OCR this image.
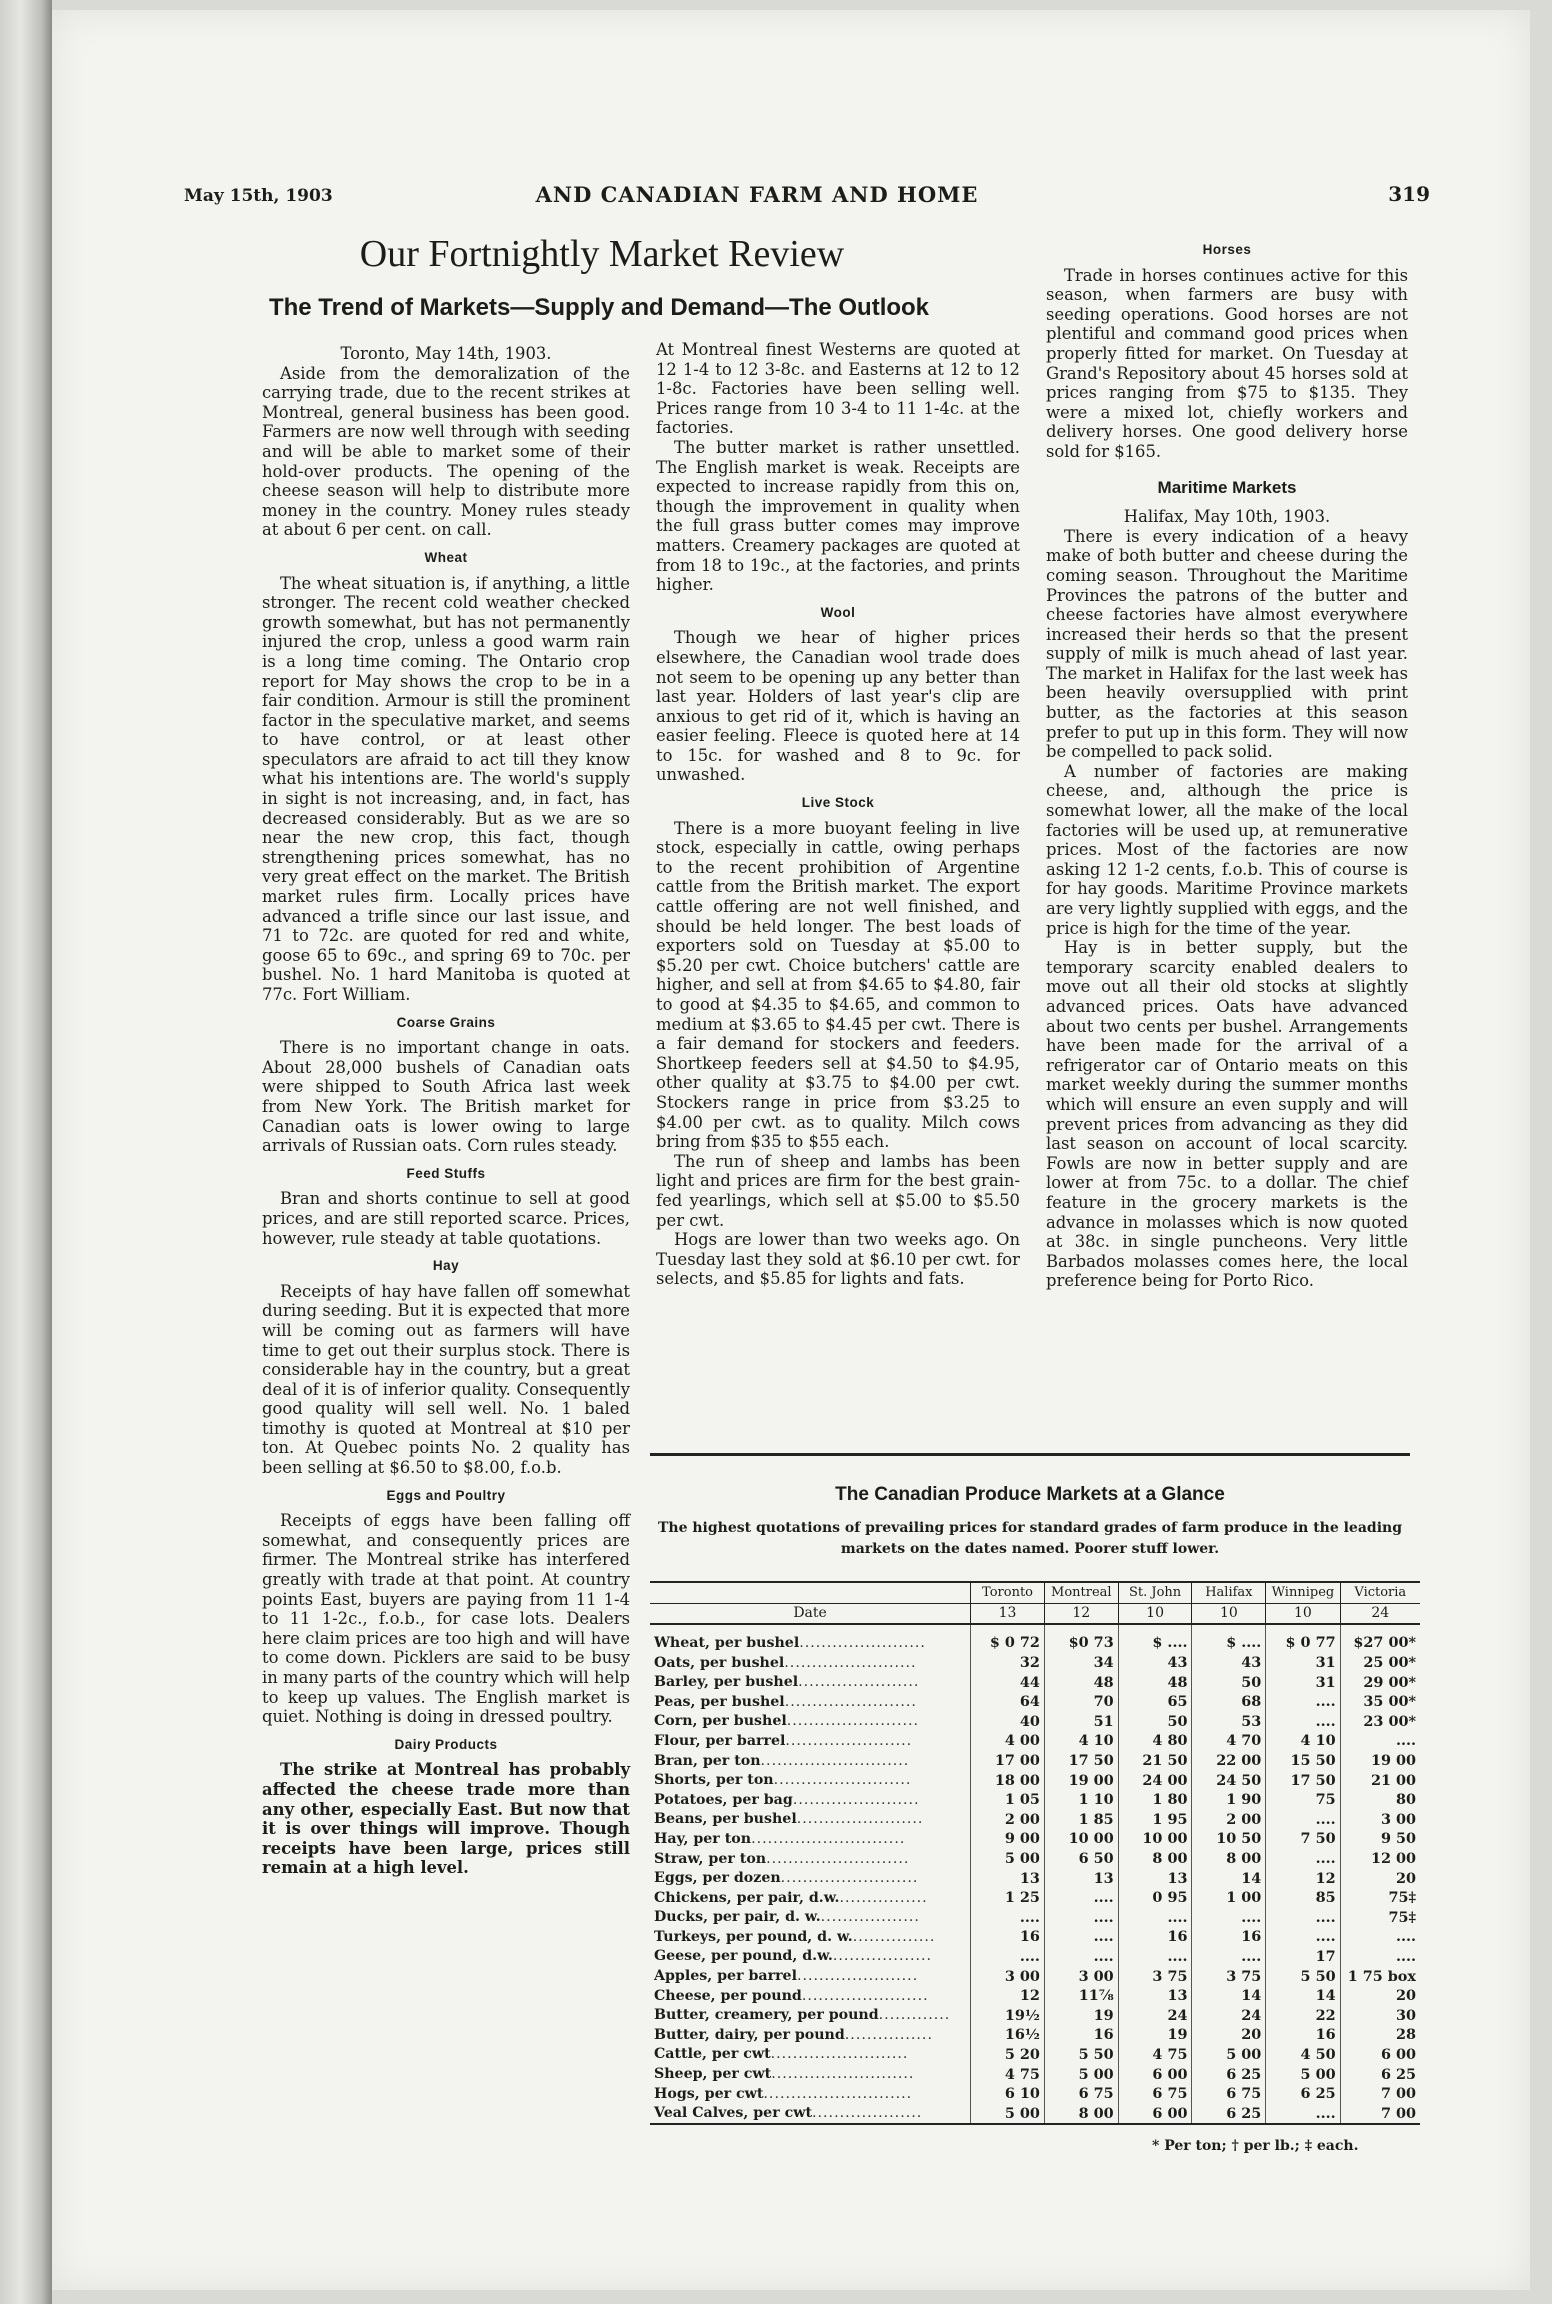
May 15th, 1903	AND CANADIAN FARM AND HOME	319
Our Fortnightly Market Review
The Trend of Markets—Supply and Demand—The Outlook

Toronto, May 14th, 1903.

Aside from the demoralization of the carrying trade, due to the recent strikes at Montreal, general business has been good. Farmers are now well through with seeding and will be able to market some of their hold-over products. The opening of the cheese season will help to distribute more money in the country. Money rules steady at about 6 per cent. on call.

Wheat

The wheat situation is, if anything, a little stronger. The recent cold weather checked growth somewhat, but has not permanently injured the crop, unless a good warm rain is a long time coming. The Ontario crop report for May shows the crop to be in a fair condition. Armour is still the prominent factor in the speculative market, and seems to have control, or at least other speculators are afraid to act till they know what his intentions are. The world's supply in sight is not increasing, and, in fact, has decreased considerably. But as we are so near the new crop, this fact, though strengthening prices somewhat, has no very great effect on the market. The British market rules firm. Locally prices have advanced a trifle since our last issue, and 71 to 72c. are quoted for red and white, goose 65 to 69c., and spring 69 to 70c. per bushel. No. 1 hard Manitoba is quoted at 77c. Fort William.

Coarse Grains

There is no important change in oats. About 28,000 bushels of Canadian oats were shipped to South Africa last week from New York. The British market for Canadian oats is lower owing to large arrivals of Russian oats. Corn rules steady.

Feed Stuffs

Bran and shorts continue to sell at good prices, and are still reported scarce. Prices, however, rule steady at table quotations.

Hay

Receipts of hay have fallen off somewhat during seeding. But it is expected that more will be coming out as farmers will have time to get out their surplus stock. There is considerable hay in the country, but a great deal of it is of inferior quality. Consequently good quality will sell well. No. 1 baled timothy is quoted at Montreal at $10 per ton. At Quebec points No. 2 quality has been selling at $6.50 to $8.00, f.o.b.

Eggs and Poultry

Receipts of eggs have been falling off somewhat, and consequently prices are firmer. The Montreal strike has interfered greatly with trade at that point. At country points East, buyers are paying from 11 1-4 to 11 1-2c., f.o.b., for case lots. Dealers here claim prices are too high and will have to come down. Picklers are said to be busy in many parts of the country which will help to keep up values. The English market is quiet. Nothing is doing in dressed poultry.

Dairy Products

The strike at Montreal has probably affected the cheese trade more than any other, especially East. But now that it is over things will improve. Though receipts have been large, prices still remain at a high level.

At Montreal finest Westerns are quoted at 12 1-4 to 12 3-8c. and Easterns at 12 to 12 1-8c. Factories have been selling well. Prices range from 10 3-4 to 11 1-4c. at the factories.

The butter market is rather unsettled. The English market is weak. Receipts are expected to increase rapidly from this on, though the improvement in quality when the full grass butter comes may improve matters. Creamery packages are quoted at from 18 to 19c., at the factories, and prints higher.

Wool

Though we hear of higher prices elsewhere, the Canadian wool trade does not seem to be opening up any better than last year. Holders of last year's clip are anxious to get rid of it, which is having an easier feeling. Fleece is quoted here at 14 to 15c. for washed and 8 to 9c. for unwashed.

Live Stock

There is a more buoyant feeling in live stock, especially in cattle, owing perhaps to the recent prohibition of Argentine cattle from the British market. The export cattle offering are not well finished, and should be held longer. The best loads of exporters sold on Tuesday at $5.00 to $5.20 per cwt. Choice butchers' cattle are higher, and sell at from $4.65 to $4.80, fair to good at $4.35 to $4.65, and common to medium at $3.65 to $4.45 per cwt. There is a fair demand for stockers and feeders. Shortkeep feeders sell at $4.50 to $4.95, other quality at $3.75 to $4.00 per cwt. Stockers range in price from $3.25 to $4.00 per cwt. as to quality. Milch cows bring from $35 to $55 each.

The run of sheep and lambs has been light and prices are firm for the best grain-fed yearlings, which sell at $5.00 to $5.50 per cwt.

Hogs are lower than two weeks ago. On Tuesday last they sold at $6.10 per cwt. for selects, and $5.85 for lights and fats.

Horses

Trade in horses continues active for this season, when farmers are busy with seeding operations. Good horses are not plentiful and command good prices when properly fitted for market. On Tuesday at Grand's Repository about 45 horses sold at prices ranging from $75 to $135. They were a mixed lot, chiefly workers and delivery horses. One good delivery horse sold for $165.

Maritime Markets

Halifax, May 10th, 1903.

There is every indication of a heavy make of both butter and cheese during the coming season. Throughout the Maritime Provinces the patrons of the butter and cheese factories have almost everywhere increased their herds so that the present supply of milk is much ahead of last year. The market in Halifax for the last week has been heavily oversupplied with print butter, as the factories at this season prefer to put up in this form. They will now be compelled to pack solid.

A number of factories are making cheese, and, although the price is somewhat lower, all the make of the local factories will be used up, at remunerative prices. Most of the factories are now asking 12 1-2 cents, f.o.b. This of course is for hay goods. Maritime Province markets are very lightly supplied with eggs, and the price is high for the time of the year.

Hay is in better supply, but the temporary scarcity enabled dealers to move out all their old stocks at slightly advanced prices. Oats have advanced about two cents per bushel. Arrangements have been made for the arrival of a refrigerator car of Ontario meats on this market weekly during the summer months which will ensure an even supply and will prevent prices from advancing as they did last season on account of local scarcity. Fowls are now in better supply and are lower at from 75c. to a dollar. The chief feature in the grocery markets is the advance in molasses which is now quoted at 38c. in single puncheons. Very little Barbados molasses comes here, the local preference being for Porto Rico.

The Canadian Produce Markets at a Glance
The highest quotations of prevailing prices for standard grades of farm produce in the leading markets on the dates named. Poorer stuff lower.
	Toronto	Montreal	St. John	Halifax	Winnipeg	Victoria
Date	13	12	10	10	10	24
Wheat, per bushel.......................	$ 0 72	$0 73	$ ....	$ ....	$ 0 77	$27 00*
Oats, per bushel........................	32	34	43	43	31	25 00*
Barley, per bushel......................	44	48	48	50	31	29 00*
Peas, per bushel........................	64	70	65	68	....	35 00*
Corn, per bushel........................	40	51	50	53	....	23 00*
Flour, per barrel.......................	4 00	4 10	4 80	4 70	4 10	....
Bran, per ton...........................	17 00	17 50	21 50	22 00	15 50	19 00
Shorts, per ton.........................	18 00	19 00	24 00	24 50	17 50	21 00
Potatoes, per bag.......................	1 05	1 10	1 80	1 90	75	80
Beans, per bushel.......................	2 00	1 85	1 95	2 00	....	3 00
Hay, per ton............................	9 00	10 00	10 00	10 50	7 50	9 50
Straw, per ton..........................	5 00	6 50	8 00	8 00	....	12 00
Eggs, per dozen.........................	13	13	13	14	12	20
Chickens, per pair, d.w.................	1 25	....	0 95	1 00	85	75‡
Ducks, per pair, d. w...................	....	....	....	....	....	75‡
Turkeys, per pound, d. w................	16	....	16	16	....	....
Geese, per pound, d.w...................	....	....	....	....	17	....
Apples, per barrel......................	3 00	3 00	3 75	3 75	5 50	1 75 box
Cheese, per pound.......................	12	11⅞	13	14	14	20
Butter, creamery, per pound.............	19½	19	24	24	22	30
Butter, dairy, per pound................	16½	16	19	20	16	28
Cattle, per cwt.........................	5 20	5 50	4 75	5 00	4 50	6 00
Sheep, per cwt..........................	4 75	5 00	6 00	6 25	5 00	6 25
Hogs, per cwt...........................	6 10	6 75	6 75	6 75	6 25	7 00
Veal Calves, per cwt....................	5 00	8 00	6 00	6 25	....	7 00
* Per ton; † per lb.; ‡ each.
